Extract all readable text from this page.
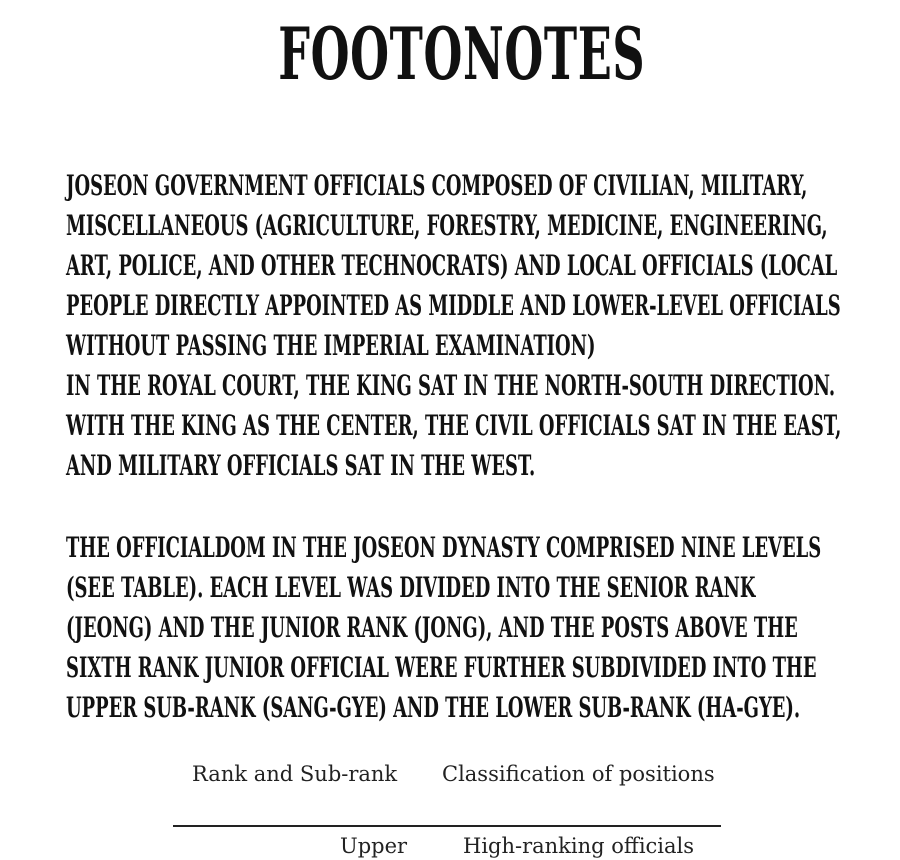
FOOTONOTES
JOSEON GOVERNMENT OFFICIALS COMPOSED OF CIVILIAN, MILITARY,
MISCELLANEOUS (AGRICULTURE, FORESTRY, MEDICINE, ENGINEERING,
ART, POLICE, AND OTHER TECHNOCRATS) AND LOCAL OFFICIALS (LOCAL
PEOPLE DIRECTLY APPOINTED AS MIDDLE AND LOWER-LEVEL OFFICIALS
WITHOUT PASSING THE IMPERIAL EXAMINATION)
IN THE ROYAL COURT, THE KING SAT IN THE NORTH-SOUTH DIRECTION.
WITH THE KING AS THE CENTER, THE CIVIL OFFICIALS SAT IN THE EAST,
AND MILITARY OFFICIALS SAT IN THE WEST.
THE OFFICIALDOM IN THE JOSEON DYNASTY COMPRISED NINE LEVELS
(SEE TABLE). EACH LEVEL WAS DIVIDED INTO THE SENIOR RANK
(JEONG) AND THE JUNIOR RANK (JONG), AND THE POSTS ABOVE THE
SIXTH RANK JUNIOR OFFICIAL WERE FURTHER SUBDIVIDED INTO THE
UPPER SUB-RANK (SANG-GYE) AND THE LOWER SUB-RANK (HA-GYE).
Rank and Sub-rank Classification of positions
Upper	High-ranking officials
